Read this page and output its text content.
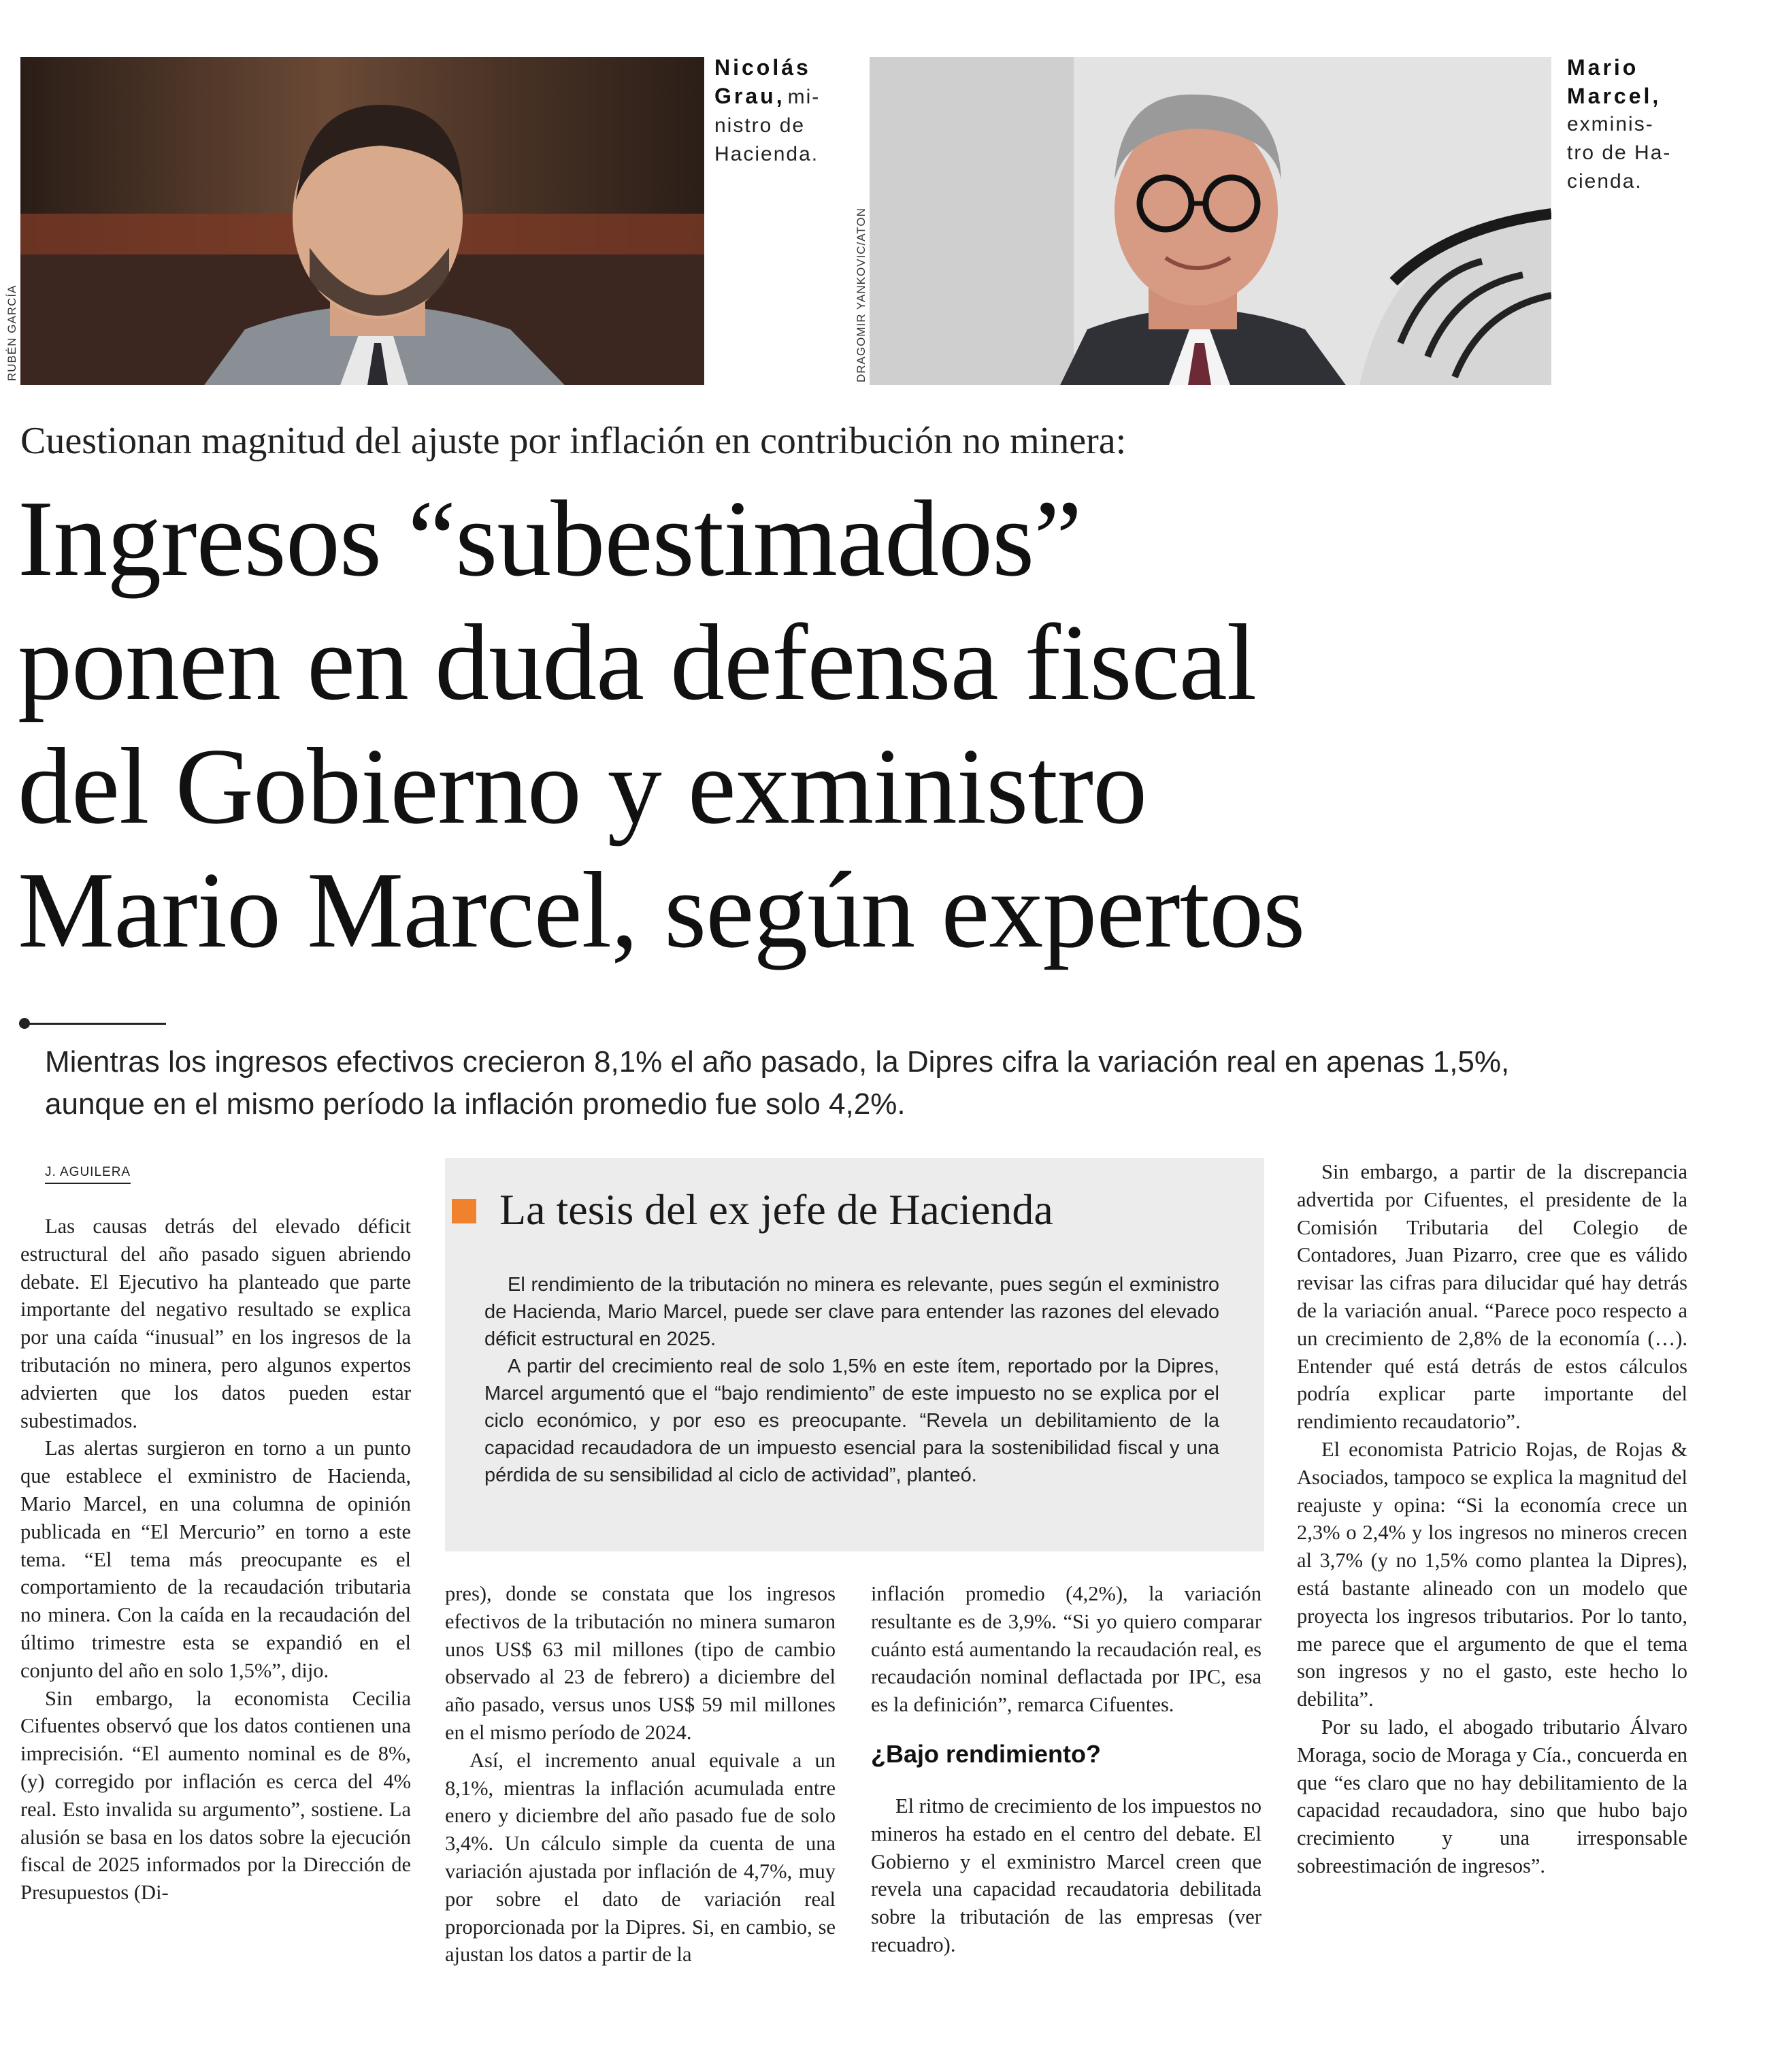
RUBÉN GARCÍA
Nicolás
Grau, mi-
nistro de
Hacienda.
DRAGOMIR YANKOVIC/ATON
Mario
Marcel,
exminis-
tro de Ha-
cienda.
Cuestionan magnitud del ajuste por inflación en contribución no minera:
Ingresos “subestimados”
ponen en duda defensa fiscal
del Gobierno y exministro
Mario Marcel, según expertos
Mientras los ingresos efectivos crecieron 8,1% el año pasado, la Dipres cifra la variación real en apenas 1,5%, aunque en el mismo período la inflación promedio fue solo 4,2%.
J. AGUILERA

Las causas detrás del elevado déficit estructural del año pasado siguen abriendo debate. El Ejecutivo ha planteado que parte importante del negativo resultado se explica por una caída “inusual” en los ingresos de la tributación no minera, pero algunos expertos advierten que los datos pueden estar subestimados.

Las alertas surgieron en torno a un punto que establece el exministro de Hacienda, Mario Marcel, en una columna de opinión publicada en “El Mercurio” en torno a este tema. “El tema más preocupante es el comportamiento de la recaudación tributaria no minera. Con la caída en la recaudación del último trimestre esta se expandió en el conjunto del año en solo 1,5%”, dijo.

Sin embargo, la economista Cecilia Cifuentes observó que los datos contienen una imprecisión. “El aumento nominal es de 8%, (y) corregido por inflación es cerca del 4% real. Esto invalida su argumento”, sostiene. La alusión se basa en los datos sobre la ejecución fiscal de 2025 informados por la Dirección de Presupuestos (Di-

La tesis del ex jefe de Hacienda

El rendimiento de la tributación no minera es relevante, pues según el exministro de Hacienda, Mario Marcel, puede ser clave para entender las razones del elevado déficit estructural en 2025.

A partir del crecimiento real de solo 1,5% en este ítem, reportado por la Dipres, Marcel argumentó que el “bajo rendimiento” de este impuesto no se explica por el ciclo económico, y por eso es preocupante. “Revela un debilitamiento de la capacidad recaudadora de un impuesto esencial para la sostenibilidad fiscal y una pérdida de su sensibilidad al ciclo de actividad”, planteó.

pres), donde se constata que los ingresos efectivos de la tributación no minera sumaron unos US$ 63 mil millones (tipo de cambio observado al 23 de febrero) a diciembre del año pasado, versus unos US$ 59 mil millones en el mismo período de 2024.

Así, el incremento anual equivale a un 8,1%, mientras la inflación acumulada entre enero y diciembre del año pasado fue de solo 3,4%. Un cálculo simple da cuenta de una variación ajustada por inflación de 4,7%, muy por sobre el dato de variación real proporcionada por la Dipres. Si, en cambio, se ajustan los datos a partir de la

inflación promedio (4,2%), la variación resultante es de 3,9%. “Si yo quiero comparar cuánto está aumentando la recaudación real, es recaudación nominal deflactada por IPC, esa es la definición”, remarca Cifuentes.

¿Bajo rendimiento?

El ritmo de crecimiento de los impuestos no mineros ha estado en el centro del debate. El Gobierno y el exministro Marcel creen que revela una capacidad recaudatoria debilitada sobre la tributación de las empresas (ver recuadro).

Sin embargo, a partir de la discrepancia advertida por Cifuentes, el presidente de la Comisión Tributaria del Colegio de Contadores, Juan Pizarro, cree que es válido revisar las cifras para dilucidar qué hay detrás de la variación anual. “Parece poco respecto a un crecimiento de 2,8% de la economía (…). Entender qué está detrás de estos cálculos podría explicar parte importante del rendimiento recaudatorio”.

El economista Patricio Rojas, de Rojas & Asociados, tampoco se explica la magnitud del reajuste y opina: “Si la economía crece un 2,3% o 2,4% y los ingresos no mineros crecen al 3,7% (y no 1,5% como plantea la Dipres), está bastante alineado con un modelo que proyecta los ingresos tributarios. Por lo tanto, me parece que el argumento de que el tema son ingresos y no el gasto, este hecho lo debilita”.

Por su lado, el abogado tributario Álvaro Moraga, socio de Moraga y Cía., concuerda en que “es claro que no hay debilitamiento de la capacidad recaudadora, sino que hubo bajo crecimiento y una irresponsable sobreestimación de ingresos”.
